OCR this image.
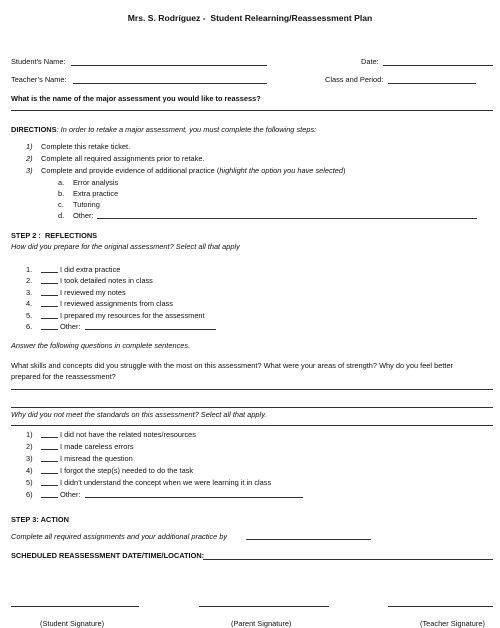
Mrs. S. Rodríguez -  Student Relearning/Reassessment Plan
Student’s Name:	Date:
Teacher’s Name:	Class and Period:
What is the name of the major assessment you would like to reassess?
DIRECTIONS: In order to retake a major assessment, you must complete the following steps:
1) Complete this retake ticket.
2) Complete all required assignments prior to retake.
3) Complete and provide evidence of additional practice (highlight the option you have selected)
a. Error analysis
b. Extra practice
c. Tutoring
d. Other:
STEP 2 :  REFLECTIONS
How did you prepare for the original assessment? Select all that apply
1.	I did extra practice
2.	I took detailed notes in class
3.	I reviewed my notes
4.	I reviewed assignments from class
5.	I prepared my resources for the assessment
6.	Other:
Answer the following questions in complete sentences.
What skills and concepts did you struggle with the most on this assessment? What were your areas of strength? Why do you feel better
prepared for the reassessment?
Why did you not meet the standards on this assessment? Select all that apply.
1)	I did not have the related notes/resources
2)	I made careless errors
3)	I misread the question
4)	I forgot the step(s) needed to do the task
5)	I didn’t understand the concept when we were learning it in class
6)	Other:
STEP 3: ACTION
Complete all required assignments and your additional practice by
SCHEDULED REASSESSMENT DATE/TIME/LOCATION:
(Student Signature)	(Parent Signature)	(Teacher Signature)
